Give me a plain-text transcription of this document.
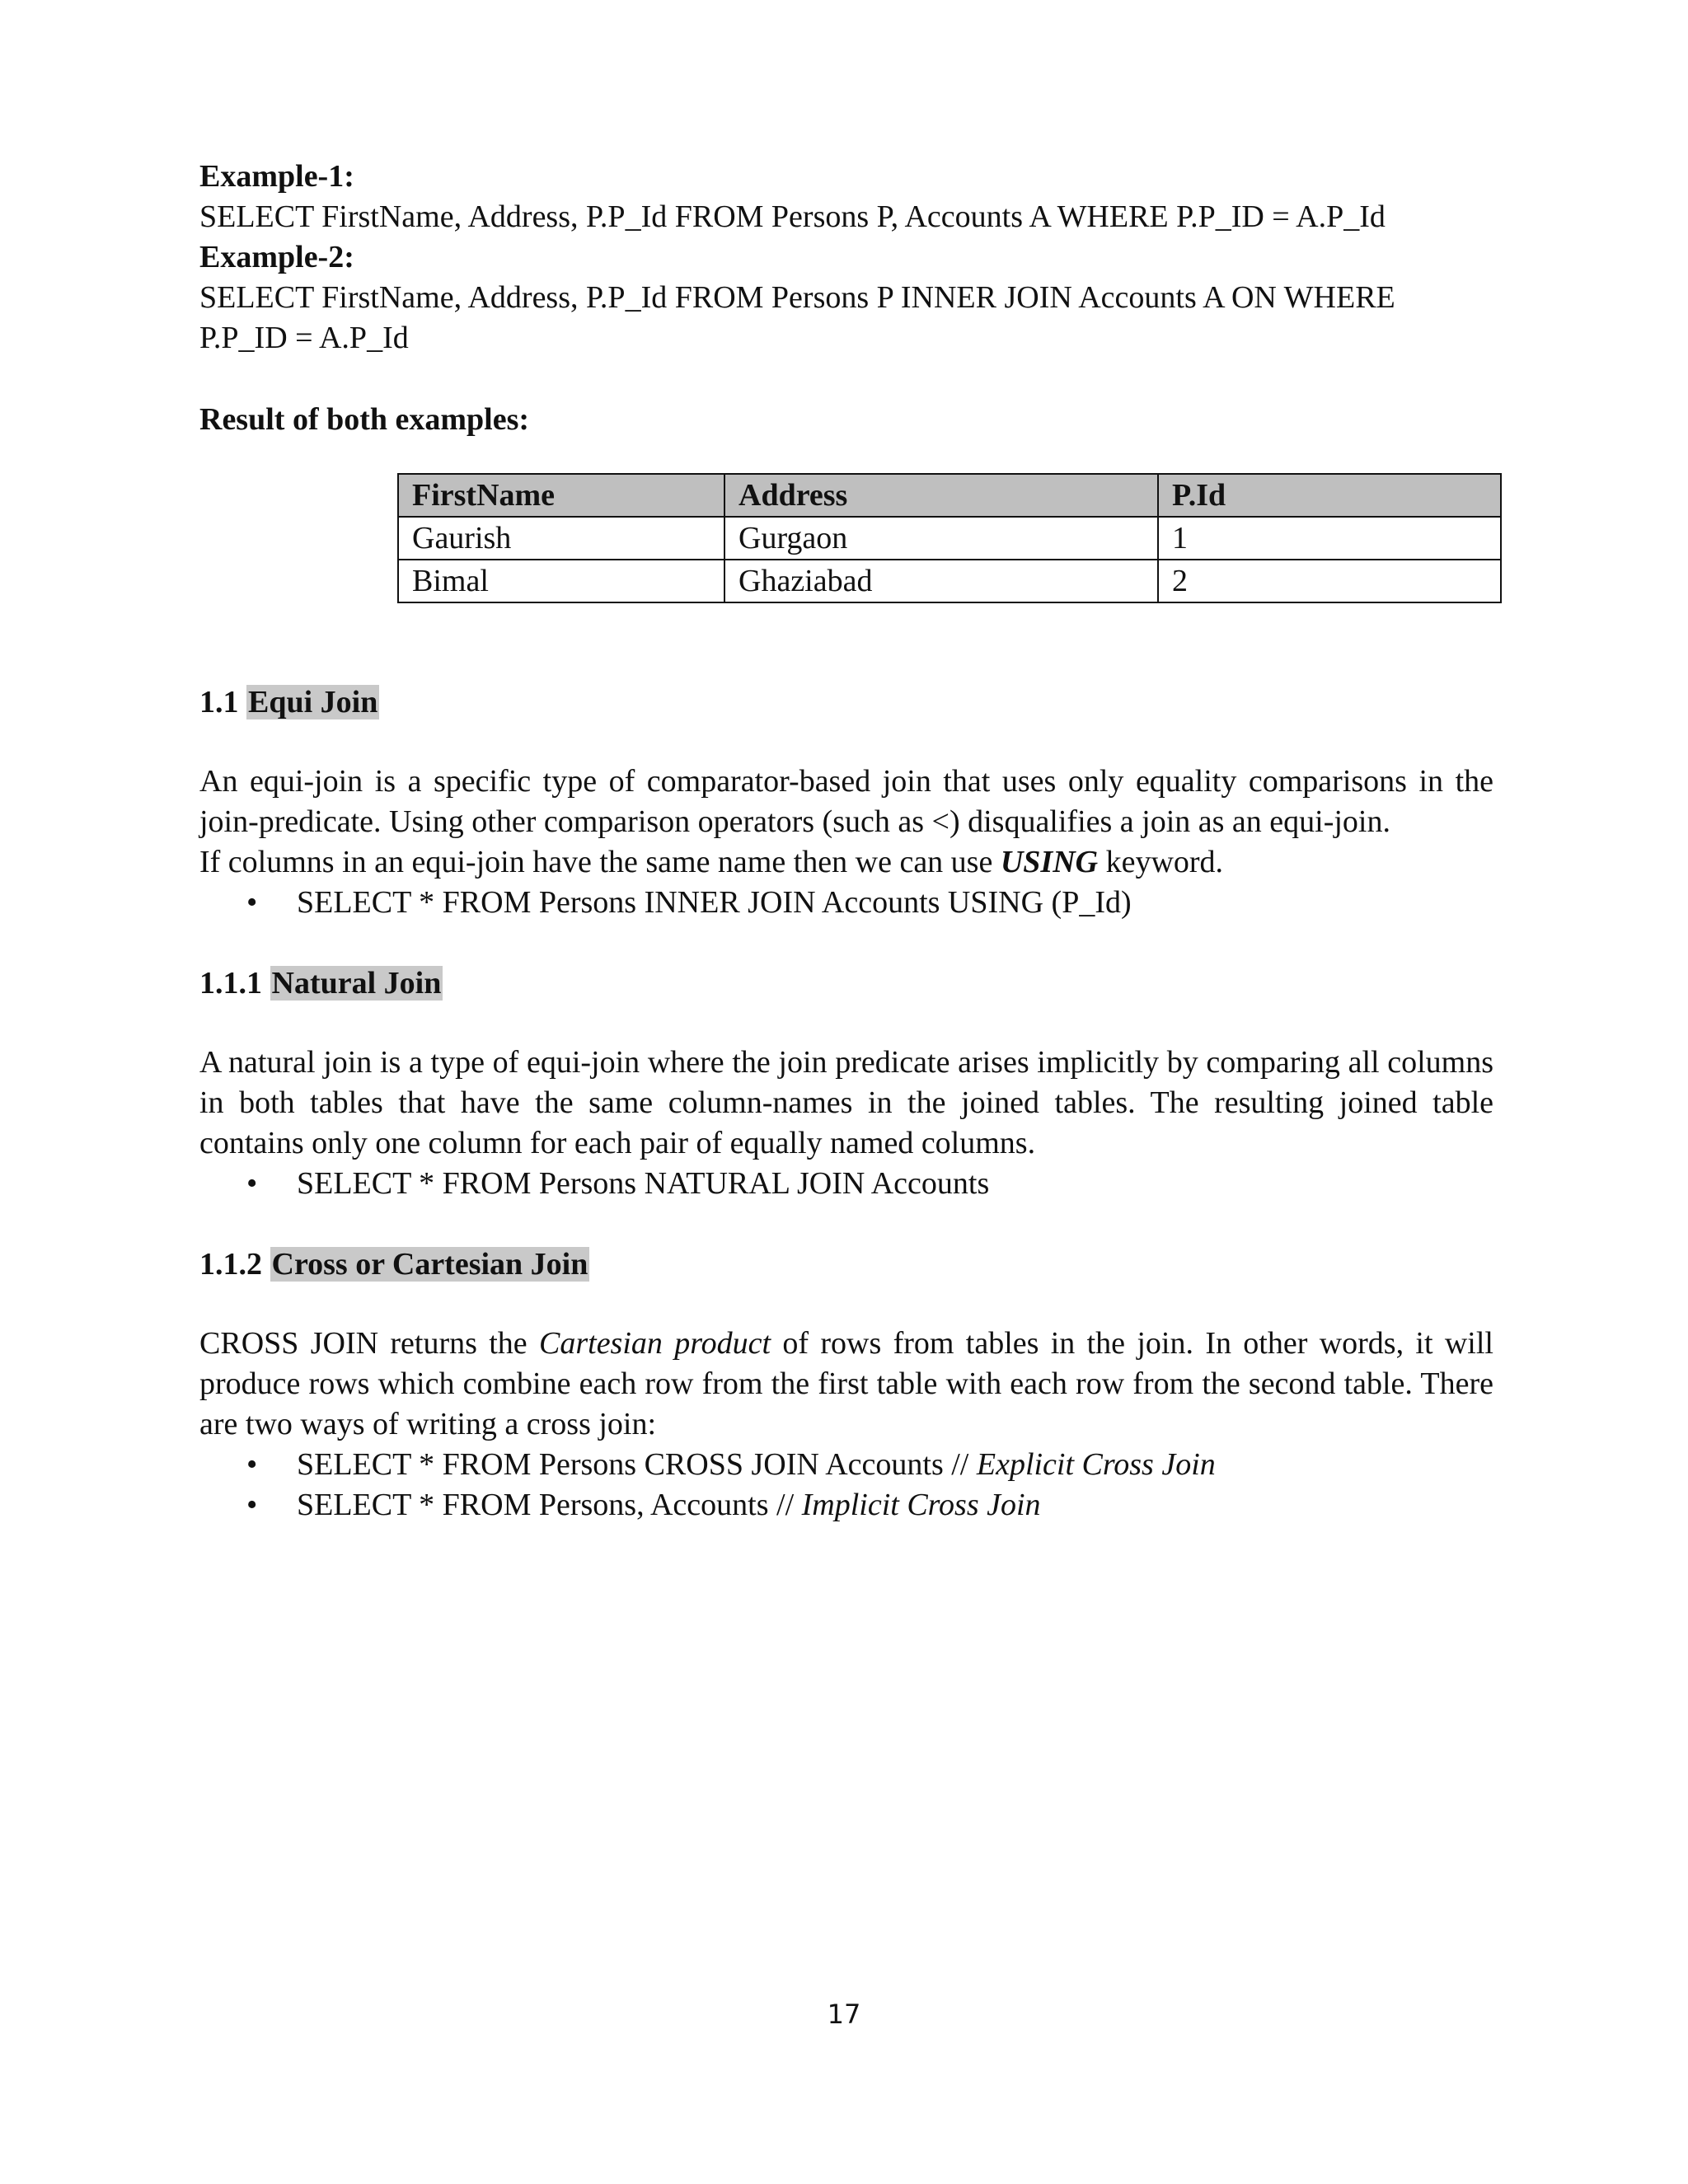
Example-1:
SELECT FirstName, Address, P.P_Id FROM Persons P, Accounts A WHERE P.P_ID = A.P_Id
Example-2:
SELECT FirstName, Address, P.P_Id FROM Persons P INNER JOIN Accounts A ON WHERE
P.P_ID = A.P_Id
Result of both examples:
FirstName	Address	P.Id
Gaurish	Gurgaon	1
Bimal	Ghaziabad	2
1.1 Equi Join
An equi-join is a specific type of comparator-based join that uses only equality comparisons in the join-predicate. Using other comparison operators (such as <) disqualifies a join as an equi-join.
If columns in an equi-join have the same name then we can use USING keyword.
• SELECT * FROM Persons INNER JOIN Accounts USING (P_Id)
1.1.1 Natural Join
A natural join is a type of equi-join where the join predicate arises implicitly by comparing all columns in both tables that have the same column-names in the joined tables. The resulting joined table contains only one column for each pair of equally named columns.
• SELECT * FROM Persons NATURAL JOIN Accounts
1.1.2 Cross or Cartesian Join
CROSS JOIN returns the Cartesian product of rows from tables in the join. In other words, it will produce rows which combine each row from the first table with each row from the second table. There are two ways of writing a cross join:
• SELECT * FROM Persons CROSS JOIN Accounts // Explicit Cross Join
• SELECT * FROM Persons, Accounts // Implicit Cross Join
17
